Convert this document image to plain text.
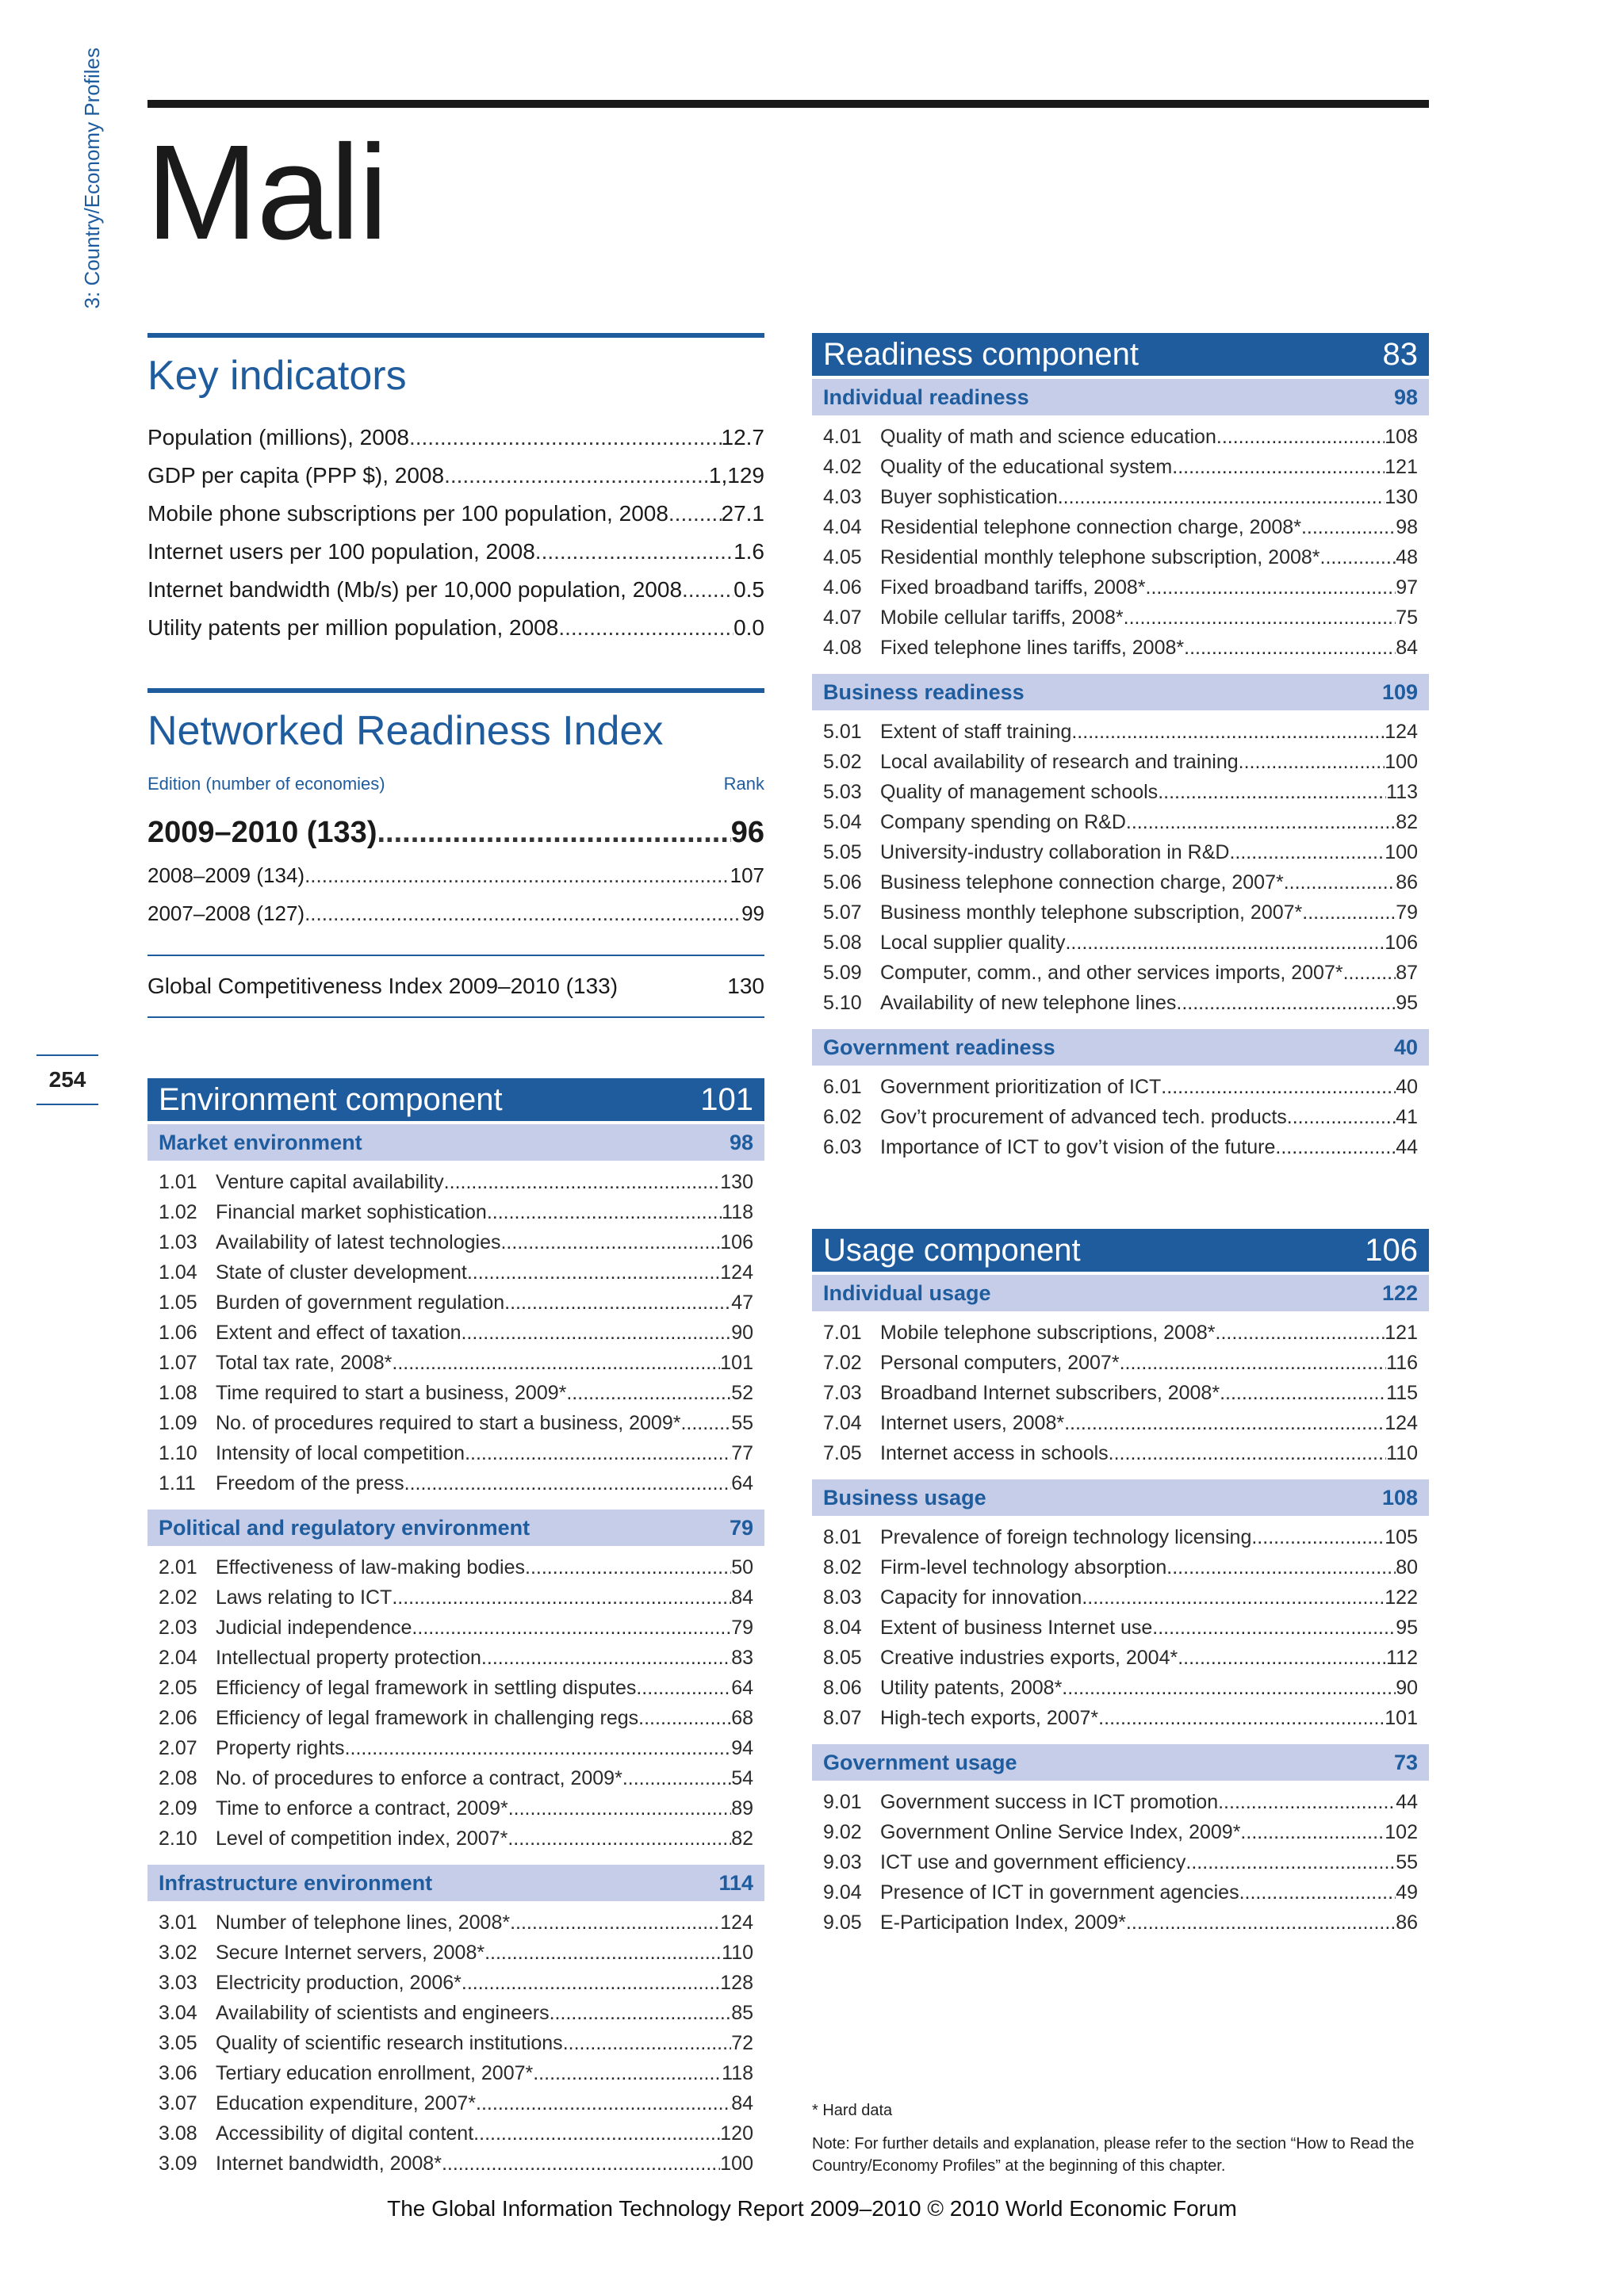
3: Country/Economy Profiles
254
Mali
Key indicators
Population (millions), 2008 .....	12.7
GDP per capita (PPP $), 2008 .....	1,129
Mobile phone subscriptions per 100 population, 2008 ..... 27.1
Internet users per 100 population, 2008 .....	1.6
Internet bandwidth (Mb/s) per 10,000 population, 2008 ..... 0.5
Utility patents per million population, 2008 .....	0.0
Networked Readiness Index
Edition (number of economies)	Rank
2009–2010 (133) .....	96
2008–2009 (134) .....	107
2007–2008 (127) .....	99
Global Competitiveness Index 2009–2010 (133)	130
Environment component	101
Market environment	98
1.01 Venture capital availability .....	130
1.02 Financial market sophistication .....	118
1.03 Availability of latest technologies .....	106
1.04 State of cluster development .....	124
1.05 Burden of government regulation .....	47
1.06 Extent and effect of taxation .....	90
1.07 Total tax rate, 2008* .....	101
1.08 Time required to start a business, 2009* .....	52
1.09 No. of procedures required to start a business, 2009* .....	55
1.10 Intensity of local competition .....	77
1.11	Freedom of the press .....	64
Political and regulatory environment	79
2.01 Effectiveness of law-making bodies .....	50
2.02 Laws relating to ICT .....	84
2.03 Judicial independence .....	79
2.04 Intellectual property protection .....	83
2.05 Efficiency of legal framework in settling disputes .....	64
2.06 Efficiency of legal framework in challenging regs .....	68
2.07 Property rights .....	94
2.08 No. of procedures to enforce a contract, 2009* .....	54
2.09 Time to enforce a contract, 2009* .....	89
2.10 Level of competition index, 2007* .....	82
Infrastructure environment	114
3.01 Number of telephone lines, 2008* .....	124
3.02 Secure Internet servers, 2008* .....	110
3.03 Electricity production, 2006* .....	128
3.04 Availability of scientists and engineers .....	85
3.05 Quality of scientific research institutions .....	72
3.06 Tertiary education enrollment, 2007* .....	118
3.07 Education expenditure, 2007* .....	84
3.08 Accessibility of digital content .....	120
3.09 Internet bandwidth, 2008* .....	100
Readiness component	83
Individual readiness	98
4.01 Quality of math and science education .....	108
4.02 Quality of the educational system .....	121
4.03 Buyer sophistication .....	130
4.04 Residential telephone connection charge, 2008* .....	98
4.05 Residential monthly telephone subscription, 2008* .....	48
4.06 Fixed broadband tariffs, 2008* .....	97
4.07 Mobile cellular tariffs, 2008* .....	75
4.08 Fixed telephone lines tariffs, 2008* .....	84
Business readiness	109
5.01 Extent of staff training .....	124
5.02 Local availability of research and training .....	100
5.03 Quality of management schools .....	113
5.04 Company spending on R&D .....	82
5.05 University-industry collaboration in R&D .....	100
5.06 Business telephone connection charge, 2007* .....	86
5.07 Business monthly telephone subscription, 2007* .....	79
5.08 Local supplier quality .....	106
5.09 Computer, comm., and other services imports, 2007* .....	87
5.10 Availability of new telephone lines .....	95
Government readiness	40
6.01 Government prioritization of ICT .....	40
6.02 Gov’t procurement of advanced tech. products .....	41
6.03 Importance of ICT to gov’t vision of the future .....	44
Usage component	106
Individual usage	122
7.01 Mobile telephone subscriptions, 2008* .....	121
7.02 Personal computers, 2007* .....	116
7.03 Broadband Internet subscribers, 2008* .....	115
7.04 Internet users, 2008* .....	124
7.05 Internet access in schools .....	110
Business usage	108
8.01 Prevalence of foreign technology licensing .....	105
8.02 Firm-level technology absorption .....	80
8.03 Capacity for innovation .....	122
8.04 Extent of business Internet use .....	95
8.05 Creative industries exports, 2004* .....	112
8.06 Utility patents, 2008* .....	90
8.07 High-tech exports, 2007* .....	101
Government usage	73
9.01 Government success in ICT promotion .....	44
9.02 Government Online Service Index, 2009* .....	102
9.03 ICT use and government efficiency .....	55
9.04 Presence of ICT in government agencies .....	49
9.05 E-Participation Index, 2009* .....	86
* Hard data
Note: For further details and explanation, please refer to the section “How to Read the Country/Economy Profiles” at the beginning of this chapter.
The Global Information Technology Report 2009–2010 © 2010 World Economic Forum
